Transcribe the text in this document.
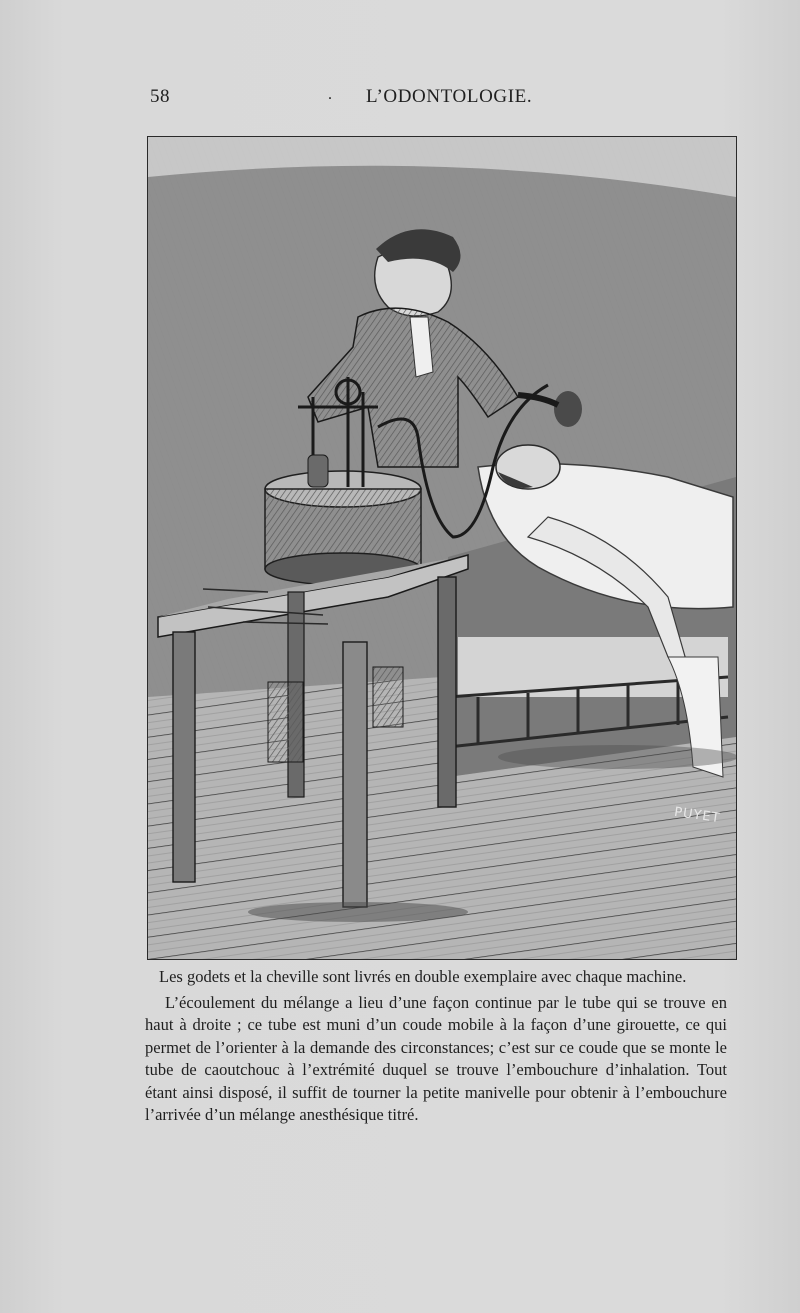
58	. L’ODONTOLOGIE.
PUYET

Les godets et la cheville sont livrés en double exemplaire avec chaque machine.

L’écoulement du mélange a lieu d’une façon continue par le tube qui se trouve en haut à droite ; ce tube est muni d’un coude mobile à la façon d’une girouette, ce qui permet de l’orienter à la demande des circonstances; c’est sur ce coude que se monte le tube de caoutchouc à l’extrémité duquel se trouve l’embouchure d’inhalation. Tout étant ainsi disposé, il suffit de tourner la petite manivelle pour obtenir à l’embouchure l’arrivée d’un mélange anesthésique titré.
